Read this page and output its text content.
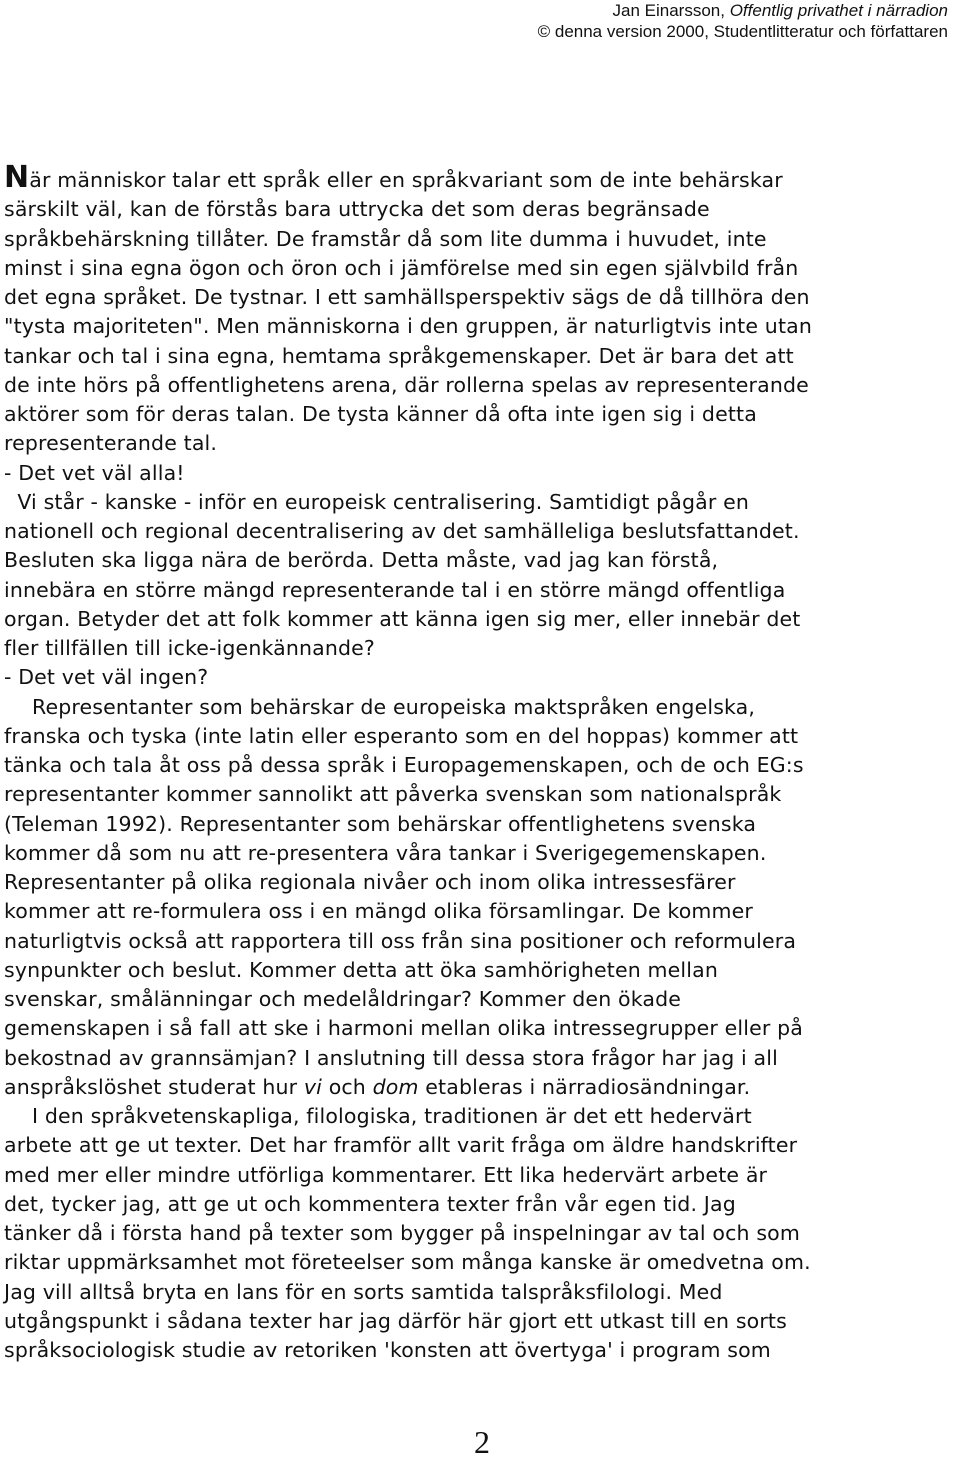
Jan Einarsson, Offentlig privathet i närradion
© denna version 2000, Studentlitteratur och författaren
När människor talar ett språk eller en språkvariant som de inte behärskar
särskilt väl, kan de förstås bara uttrycka det som deras begränsade
språkbehärskning tillåter. De framstår då som lite dumma i huvudet, inte
minst i sina egna ögon och öron och i jämförelse med sin egen självbild från
det egna språket. De tystnar. I ett samhällsperspektiv sägs de då tillhöra den
"tysta majoriteten". Men människorna i den gruppen, är naturligtvis inte utan
tankar och tal i sina egna, hemtama språkgemenskaper. Det är bara det att
de inte hörs på offentlighetens arena, där rollerna spelas av representerande
aktörer som för deras talan. De tysta känner då ofta inte igen sig i detta
representerande tal.
- Det vet väl alla!
Vi står - kanske - inför en europeisk centralisering. Samtidigt pågår en
nationell och regional decentralisering av det samhälleliga beslutsfattandet.
Besluten ska ligga nära de berörda. Detta måste, vad jag kan förstå,
innebära en större mängd representerande tal i en större mängd offentliga
organ. Betyder det att folk kommer att känna igen sig mer, eller innebär det
fler tillfällen till icke-igenkännande?
- Det vet väl ingen?
Representanter som behärskar de europeiska maktspråken engelska,
franska och tyska (inte latin eller esperanto som en del hoppas) kommer att
tänka och tala åt oss på dessa språk i Europagemenskapen, och de och EG:s
representanter kommer sannolikt att påverka svenskan som nationalspråk
(Teleman 1992). Representanter som behärskar offentlighetens svenska
kommer då som nu att re-presentera våra tankar i Sverigegemenskapen.
Representanter på olika regionala nivåer och inom olika intressesfärer
kommer att re-formulera oss i en mängd olika församlingar. De kommer
naturligtvis också att rapportera till oss från sina positioner och reformulera
synpunkter och beslut. Kommer detta att öka samhörigheten mellan
svenskar, smålänningar och medelåldringar? Kommer den ökade
gemenskapen i så fall att ske i harmoni mellan olika intressegrupper eller på
bekostnad av grannsämjan? I anslutning till dessa stora frågor har jag i all
anspråkslöshet studerat hur vi och dom etableras i närradiosändningar.
I den språkvetenskapliga, filologiska, traditionen är det ett hedervärt
arbete att ge ut texter. Det har framför allt varit fråga om äldre handskrifter
med mer eller mindre utförliga kommentarer. Ett lika hedervärt arbete är
det, tycker jag, att ge ut och kommentera texter från vår egen tid. Jag
tänker då i första hand på texter som bygger på inspelningar av tal och som
riktar uppmärksamhet mot företeelser som många kanske är omedvetna om.
Jag vill alltså bryta en lans för en sorts samtida talspråksfilologi. Med
utgångspunkt i sådana texter har jag därför här gjort ett utkast till en sorts
språksociologisk studie av retoriken 'konsten att övertyga' i program som
2
